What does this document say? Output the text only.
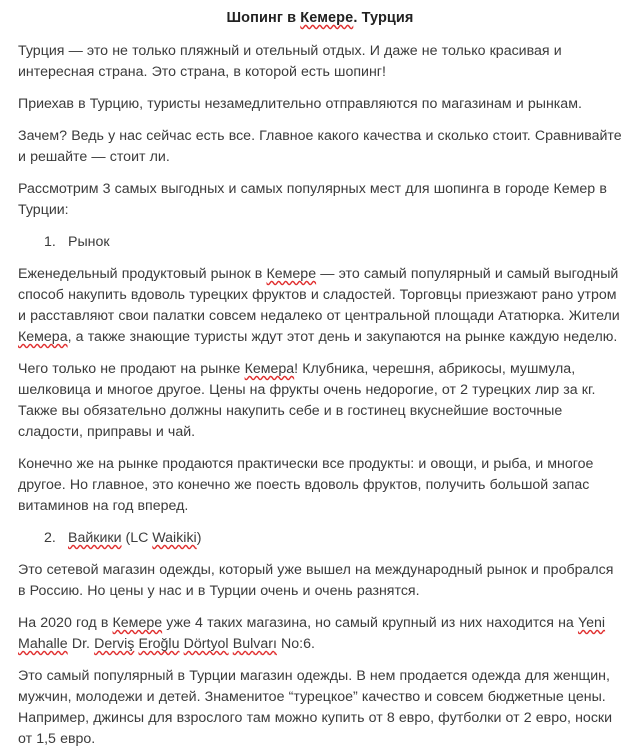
Шопинг в Кемере. Турция

Турция — это не только пляжный и отельный отдых. И даже не только красивая и интересная страна. Это страна, в которой есть шопинг!

Приехав в Турцию, туристы незамедлительно отправляются по магазинам и рынкам.

Зачем? Ведь у нас сейчас есть все. Главное какого качества и сколько стоит. Сравнивайте и решайте — стоит ли.

Рассмотрим 3 самых выгодных и самых популярных мест для шопинга в городе Кемер в Турции:

1. Рынок

Еженедельный продуктовый рынок в Кемере — это самый популярный и самый выгодный способ накупить вдоволь турецких фруктов и сладостей. Торговцы приезжают рано утром и расставляют свои палатки совсем недалеко от центральной площади Ататюрка. Жители Кемера, а также знающие туристы ждут этот день и закупаются на рынке каждую неделю.

Чего только не продают на рынке Кемера! Клубника, черешня, абрикосы, мушмула, шелковица и многое другое. Цены на фрукты очень недорогие, от 2 турецких лир за кг. Также вы обязательно должны накупить себе и в гостинец вкуснейшие восточные сладости, приправы и чай.

Конечно же на рынке продаются практически все продукты: и овощи, и рыба, и многое другое. Но главное, это конечно же поесть вдоволь фруктов, получить большой запас витаминов на год вперед.

2. Вайкики (LC Waikiki)

Это сетевой магазин одежды, который уже вышел на международный рынок и пробрался в Россию. Но цены у нас и в Турции очень и очень разнятся.

На 2020 год в Кемере уже 4 таких магазина, но самый крупный из них находится на Yeni Mahalle Dr. Derviş Eroğlu Dörtyol Bulvarı No:6.

Это самый популярный в Турции магазин одежды. В нем продается одежда для женщин, мужчин, молодежи и детей. Знаменитое “турецкое” качество и совсем бюджетные цены. Например, джинсы для взрослого там можно купить от 8 евро, футболки от 2 евро, носки от 1,5 евро.
